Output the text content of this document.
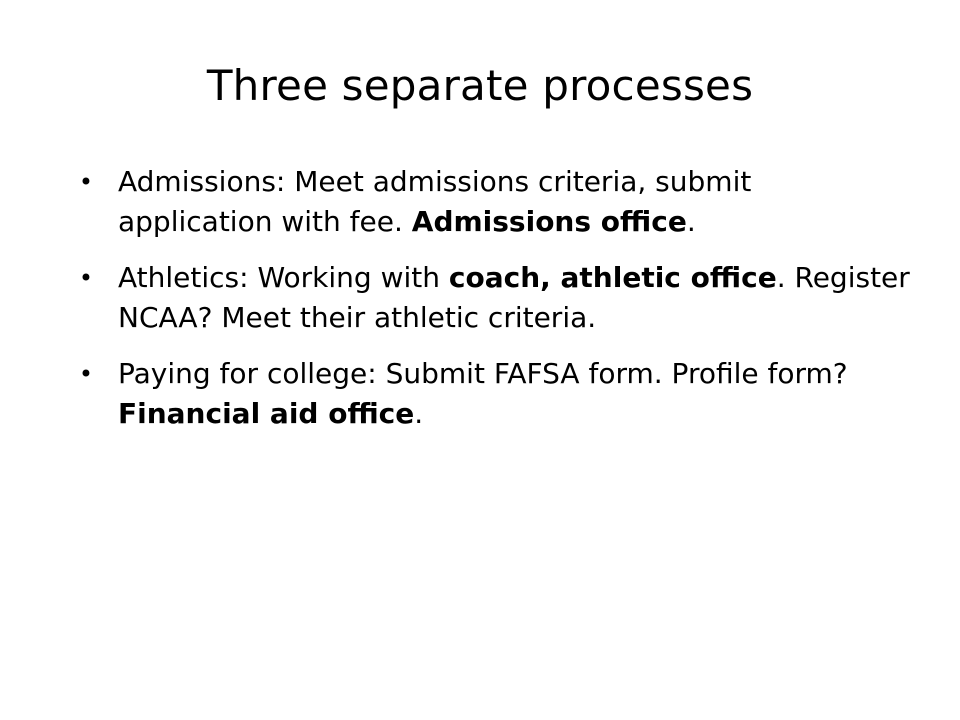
Three separate processes
• Admissions: Meet admissions criteria, submit application with fee. Admissions office.
• Athletics: Working with coach, athletic office. Register NCAA? Meet their athletic criteria.
• Paying for college: Submit FAFSA form. Profile form? Financial aid office.
